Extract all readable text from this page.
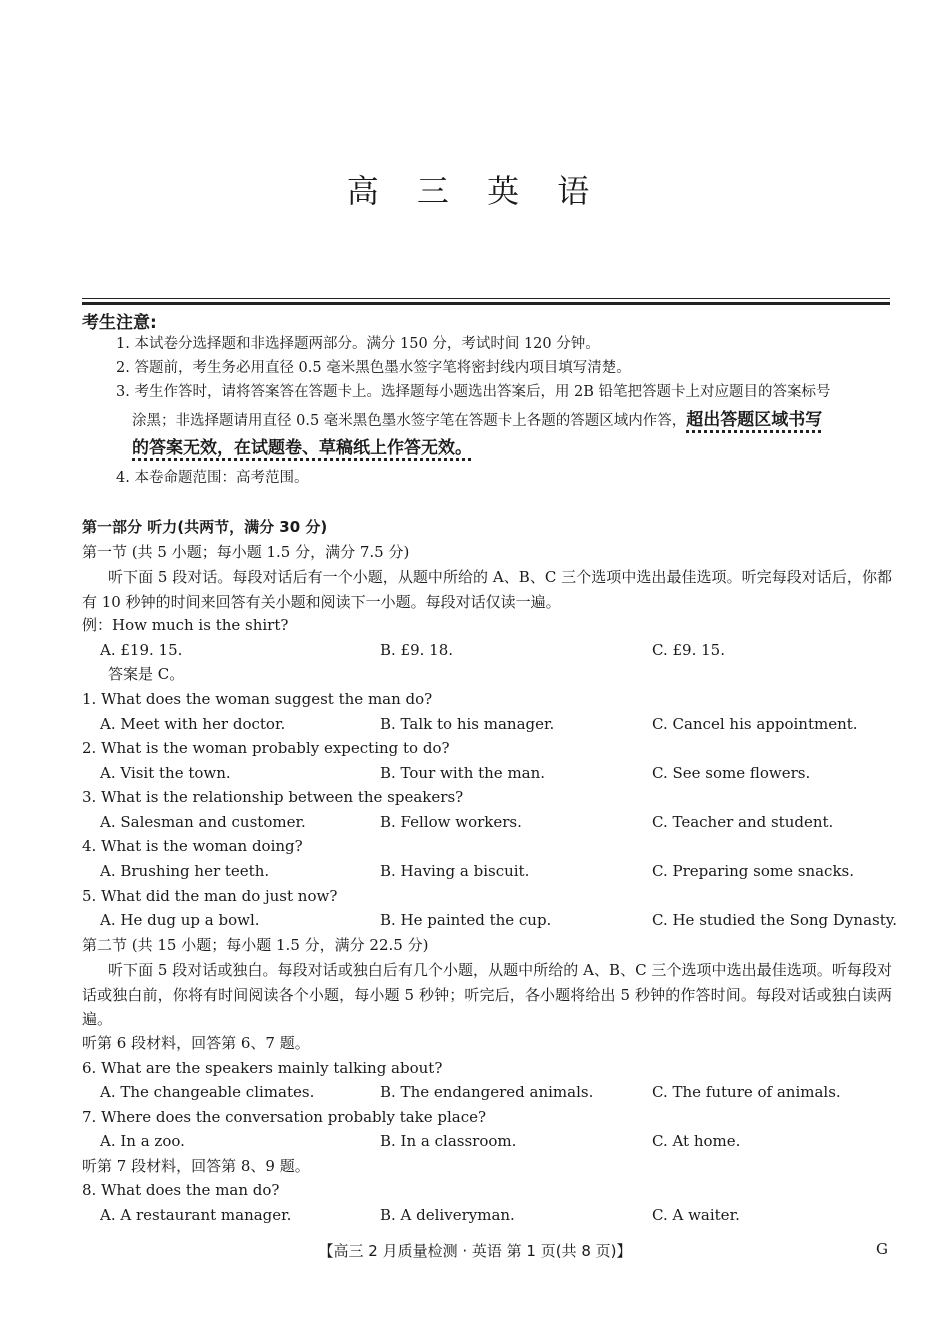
高 三 英 语
考生注意:
1. 本试卷分选择题和非选择题两部分。满分 150 分，考试时间 120 分钟。
2. 答题前，考生务必用直径 0.5 毫米黑色墨水签字笔将密封线内项目填写清楚。
3. 考生作答时，请将答案答在答题卡上。选择题每小题选出答案后，用 2B 铅笔把答题卡上对应题目的答案标号
涂黑；非选择题请用直径 0.5 毫米黑色墨水签字笔在答题卡上各题的答题区域内作答，超出答题区域书写
的答案无效，在试题卷、草稿纸上作答无效。
4. 本卷命题范围：高考范围。
第一部分 听力(共两节，满分 30 分)
第一节 (共 5 小题；每小题 1.5 分，满分 7.5 分)
听下面 5 段对话。每段对话后有一个小题，从题中所给的 A、B、C 三个选项中选出最佳选项。听完每段对话后，你都有 10 秒钟的时间来回答有关小题和阅读下一小题。每段对话仅读一遍。
例：How much is the shirt?
A. £19. 15.	B. £9. 18.	C. £9. 15.
答案是 C。
1. What does the woman suggest the man do?
A. Meet with her doctor.	B. Talk to his manager.	C. Cancel his appointment.
2. What is the woman probably expecting to do?
A. Visit the town.	B. Tour with the man.	C. See some flowers.
3. What is the relationship between the speakers?
A. Salesman and customer.	B. Fellow workers.	C. Teacher and student.
4. What is the woman doing?
A. Brushing her teeth.	B. Having a biscuit.	C. Preparing some snacks.
5. What did the man do just now?
A. He dug up a bowl.	B. He painted the cup.	C. He studied the Song Dynasty.
第二节 (共 15 小题；每小题 1.5 分，满分 22.5 分)
听下面 5 段对话或独白。每段对话或独白后有几个小题，从题中所给的 A、B、C 三个选项中选出最佳选项。听每段对话或独白前，你将有时间阅读各个小题，每小题 5 秒钟；听完后，各小题将给出 5 秒钟的作答时间。每段对话或独白读两遍。
听第 6 段材料，回答第 6、7 题。
6. What are the speakers mainly talking about?
A. The changeable climates.	B. The endangered animals.	C. The future of animals.
7. Where does the conversation probably take place?
A. In a zoo.	B. In a classroom.	C. At home.
听第 7 段材料，回答第 8、9 题。
8. What does the man do?
A. A restaurant manager.	B. A deliveryman.	C. A waiter.
【高三 2 月质量检测 · 英语 第 1 页(共 8 页)】	G
